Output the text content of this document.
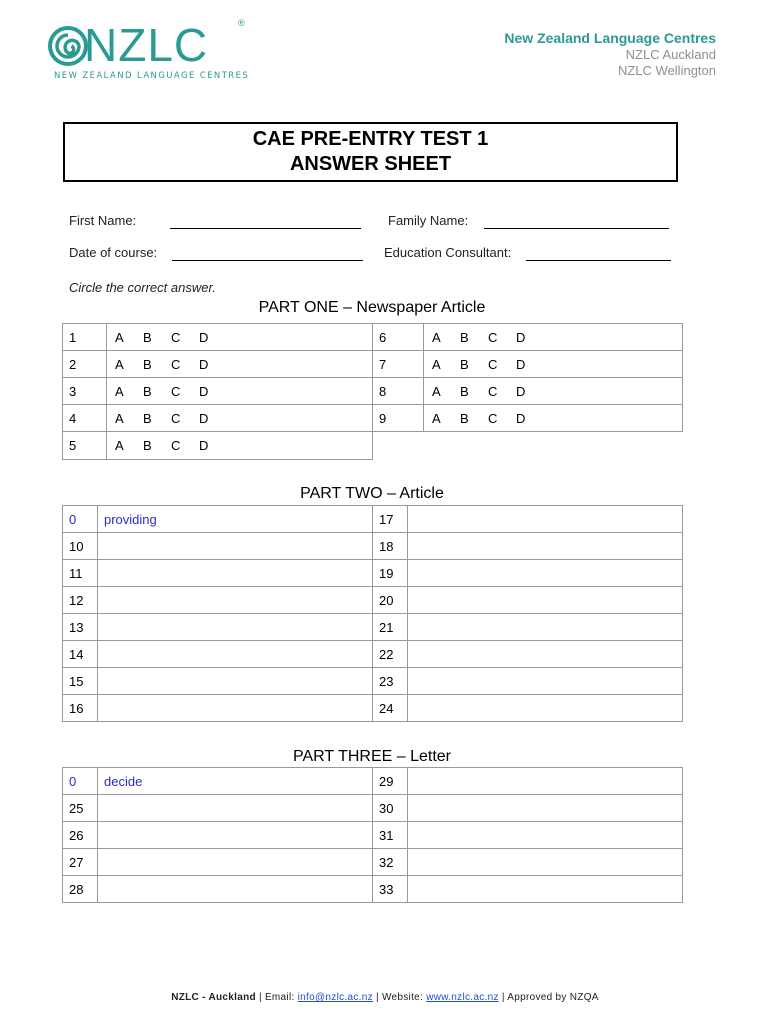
NZLC	®
NEW ZEALAND LANGUAGE CENTRES
New Zealand Language Centres
NZLC Auckland
NZLC Wellington
CAE PRE-ENTRY TEST 1
ANSWER SHEET
First Name:	Family Name:
Date of course:	Education Consultant:
Circle the correct answer.
PART ONE – Newspaper Article
1	A B C D	6	A B C D
2	A B C D	7	A B C D
3	A B C D	8	A B C D
4	A B C D	9	A B C D
5	A B C D		
PART TWO – Article
0	providing	17	
10		18	
11		19	
12		20	
13		21	
14		22	
15		23	
16		24	
PART THREE – Letter
0	decide	29	
25		30	
26		31	
27		32	
28		33	
NZLC - Auckland | Email: info@nzlc.ac.nz | Website: www.nzlc.ac.nz | Approved by NZQA
